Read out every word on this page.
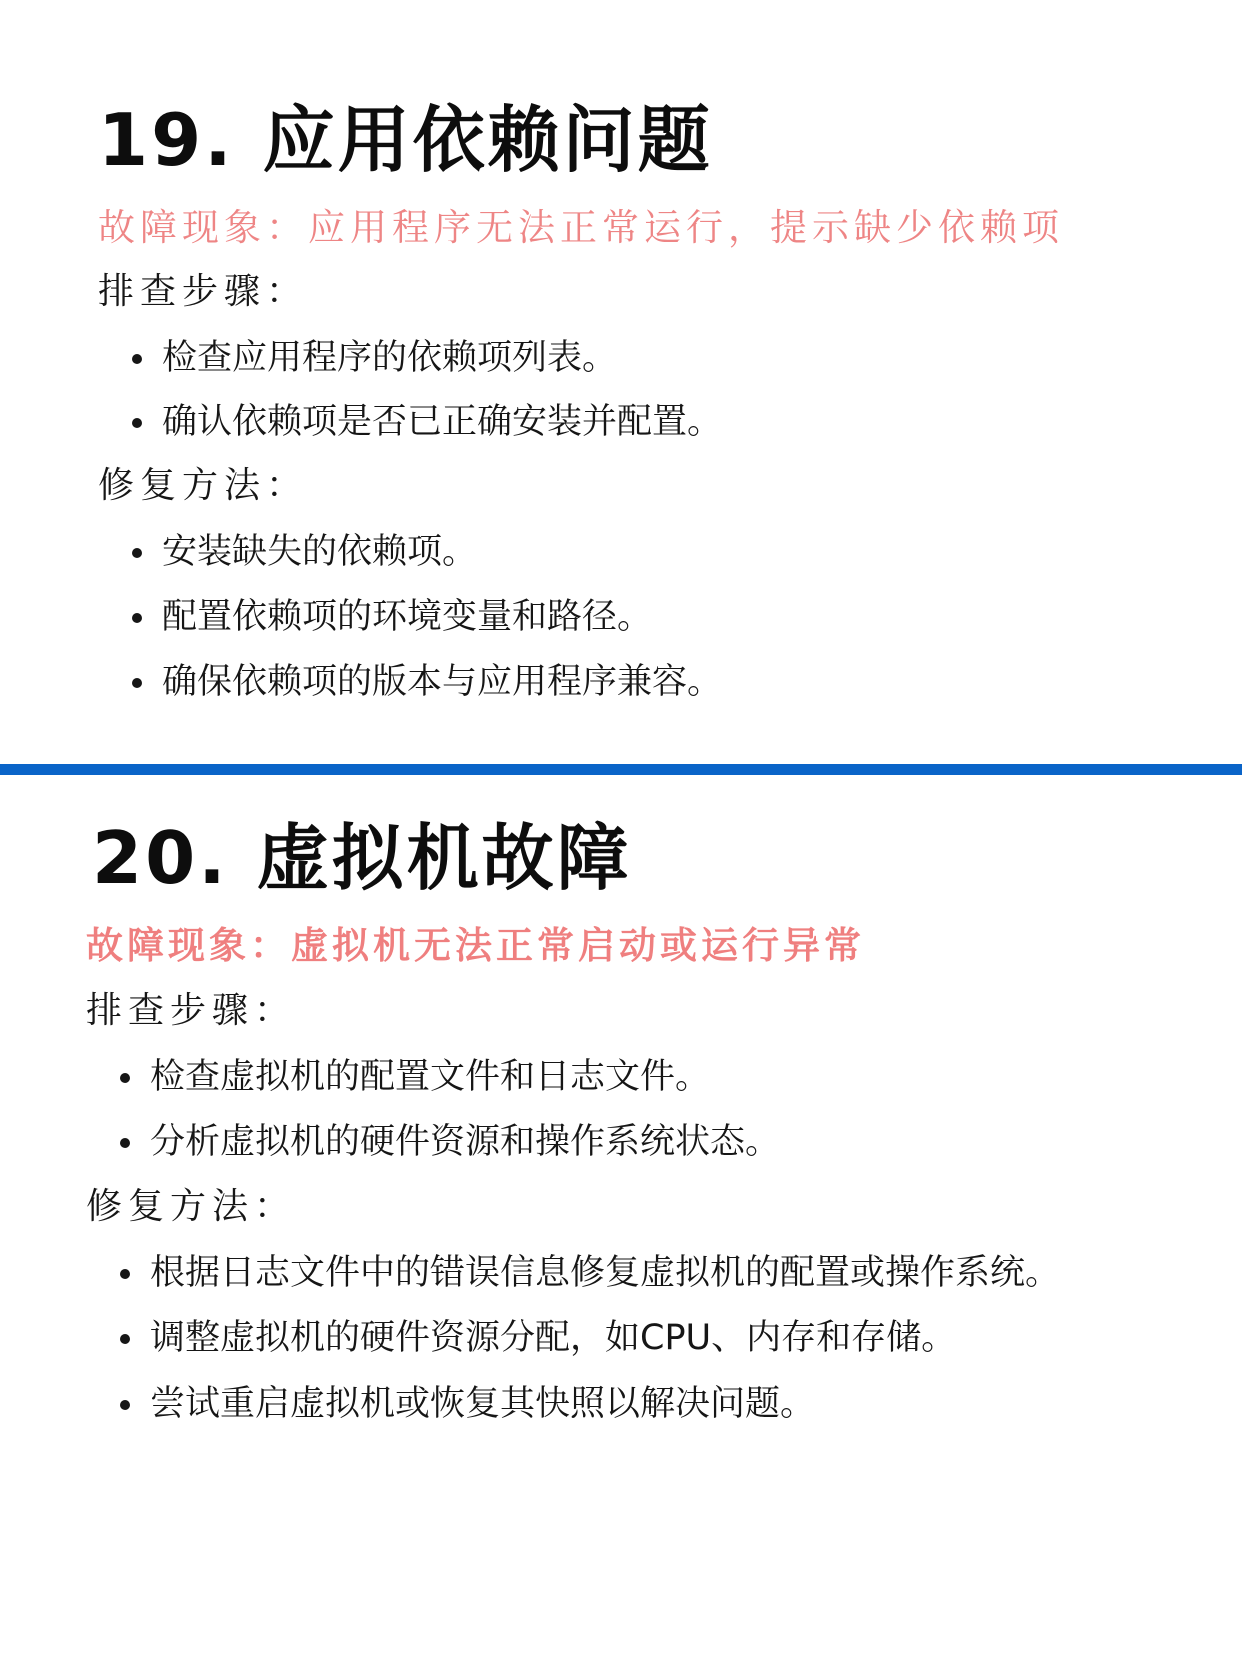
19. 应用依赖问题
故障现象：应用程序无法正常运行，提示缺少依赖项
排查步骤：
检查应用程序的依赖项列表。
确认依赖项是否已正确安装并配置。
修复方法：
安装缺失的依赖项。
配置依赖项的环境变量和路径。
确保依赖项的版本与应用程序兼容。
20. 虚拟机故障
故障现象：虚拟机无法正常启动或运行异常
排查步骤：
检查虚拟机的配置文件和日志文件。
分析虚拟机的硬件资源和操作系统状态。
修复方法：
根据日志文件中的错误信息修复虚拟机的配置或操作系统。
调整虚拟机的硬件资源分配，如CPU、内存和存储。
尝试重启虚拟机或恢复其快照以解决问题。
